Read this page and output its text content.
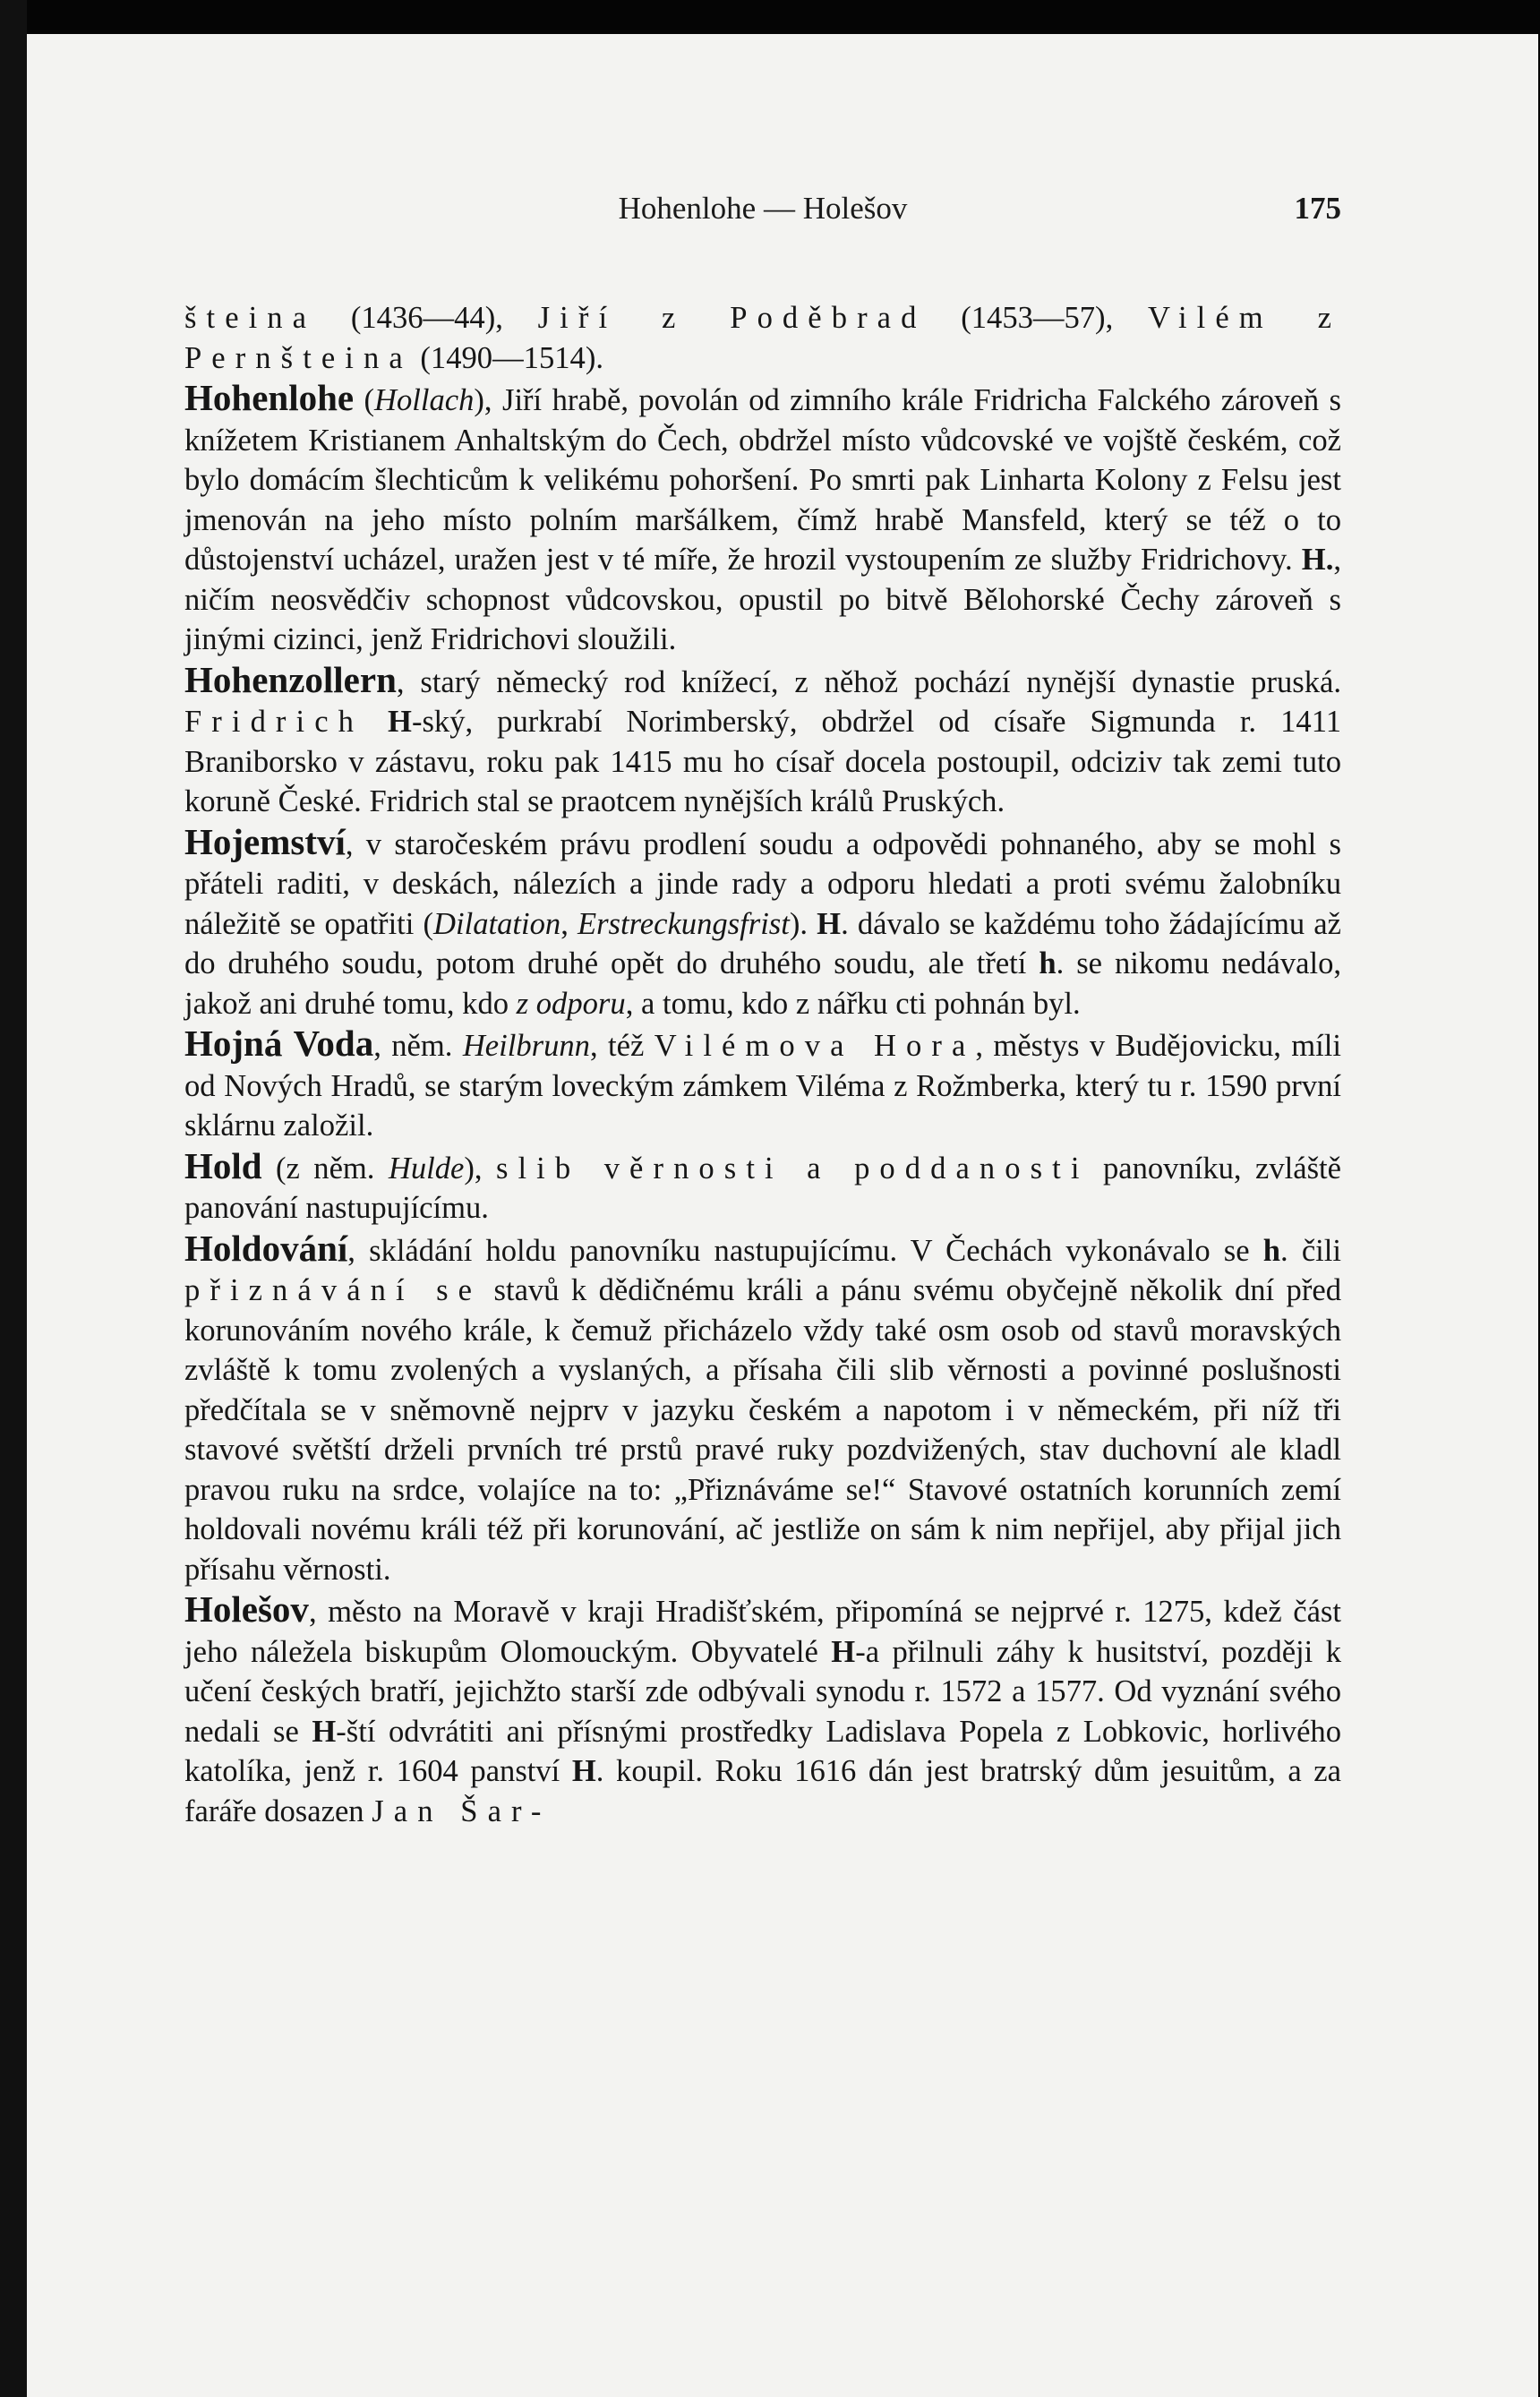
Hohenlohe — Holešov	175

šteina (1436—44), Jiří z Poděbrad (1453—57), Vilém z Pernšteina (1490—1514).

Hohenlohe (Hollach), Jiří hrabě, povolán od zimního krále Fridricha Falckého zároveň s knížetem Kristianem Anhaltským do Čech, obdržel místo vůdcovské ve vojště českém, což bylo domácím šlechticům k velikému pohoršení. Po smrti pak Linharta Kolony z Felsu jest jmenován na jeho místo polním maršálkem, čímž hrabě Mansfeld, který se též o to důstojenství ucházel, uražen jest v té míře, že hrozil vystoupením ze služby Fridrichovy. H., ničím neosvědčiv schopnost vůdcovskou, opustil po bitvě Bělohorské Čechy zároveň s jinými cizinci, jenž Fridrichovi sloužili.

Hohenzollern, starý německý rod knížecí, z něhož pochází nynější dynastie pruská. Fridrich H-ský, purkrabí Norimberský, obdržel od císaře Sigmunda r. 1411 Braniborsko v zástavu, roku pak 1415 mu ho císař docela postoupil, odciziv tak zemi tuto koruně České. Fridrich stal se praotcem nynějších králů Pruských.

Hojemství, v staročeském právu prodlení soudu a odpovědi pohnaného, aby se mohl s přáteli raditi, v deskách, nálezích a jinde rady a odporu hledati a proti svému žalobníku náležitě se opatřiti (Dilatation, Erstreckungsfrist). H. dávalo se každému toho žádajícímu až do druhého soudu, potom druhé opět do druhého soudu, ale třetí h. se nikomu nedávalo, jakož ani druhé tomu, kdo z odporu, a tomu, kdo z nářku cti pohnán byl.

Hojná Voda, něm. Heilbrunn, též Vilémova Hora, městys v Budějovicku, míli od Nových Hradů, se starým loveckým zámkem Viléma z Rožmberka, který tu r. 1590 první sklárnu založil.

Hold (z něm. Hulde), slib věrnosti a poddanosti panovníku, zvláště panování nastupujícímu.

Holdování, skládání holdu panovníku nastupujícímu. V Čechách vykonávalo se h. čili přiznávání se stavů k dědičnému králi a pánu svému obyčejně několik dní před korunováním nového krále, k čemuž přicházelo vždy také osm osob od stavů moravských zvláště k tomu zvolených a vyslaných, a přísaha čili slib věrnosti a povinné poslušnosti předčítala se v sněmovně nejprv v jazyku českém a napotom i v německém, při níž tři stavové světští drželi prvních tré prstů pravé ruky pozdvižených, stav duchovní ale kladl pravou ruku na srdce, volajíce na to: „Přiznáváme se!“ Stavové ostatních korunních zemí holdovali novému králi též při korunování, ač jestliže on sám k nim nepřijel, aby přijal jich přísahu věrnosti.

Holešov, město na Moravě v kraji Hradišťském, připomíná se nejprvé r. 1275, kdež část jeho náležela biskupům Olomouckým. Obyvatelé H-a přilnuli záhy k husitství, později k učení českých bratří, jejichžto starší zde odbývali synodu r. 1572 a 1577. Od vyznání svého nedali se H-ští odvrátiti ani přísnými prostředky Ladislava Popela z Lobkovic, horlivého katolíka, jenž r. 1604 panství H. koupil. Roku 1616 dán jest bratrský dům jesuitům, a za faráře dosazen Jan Šar-
